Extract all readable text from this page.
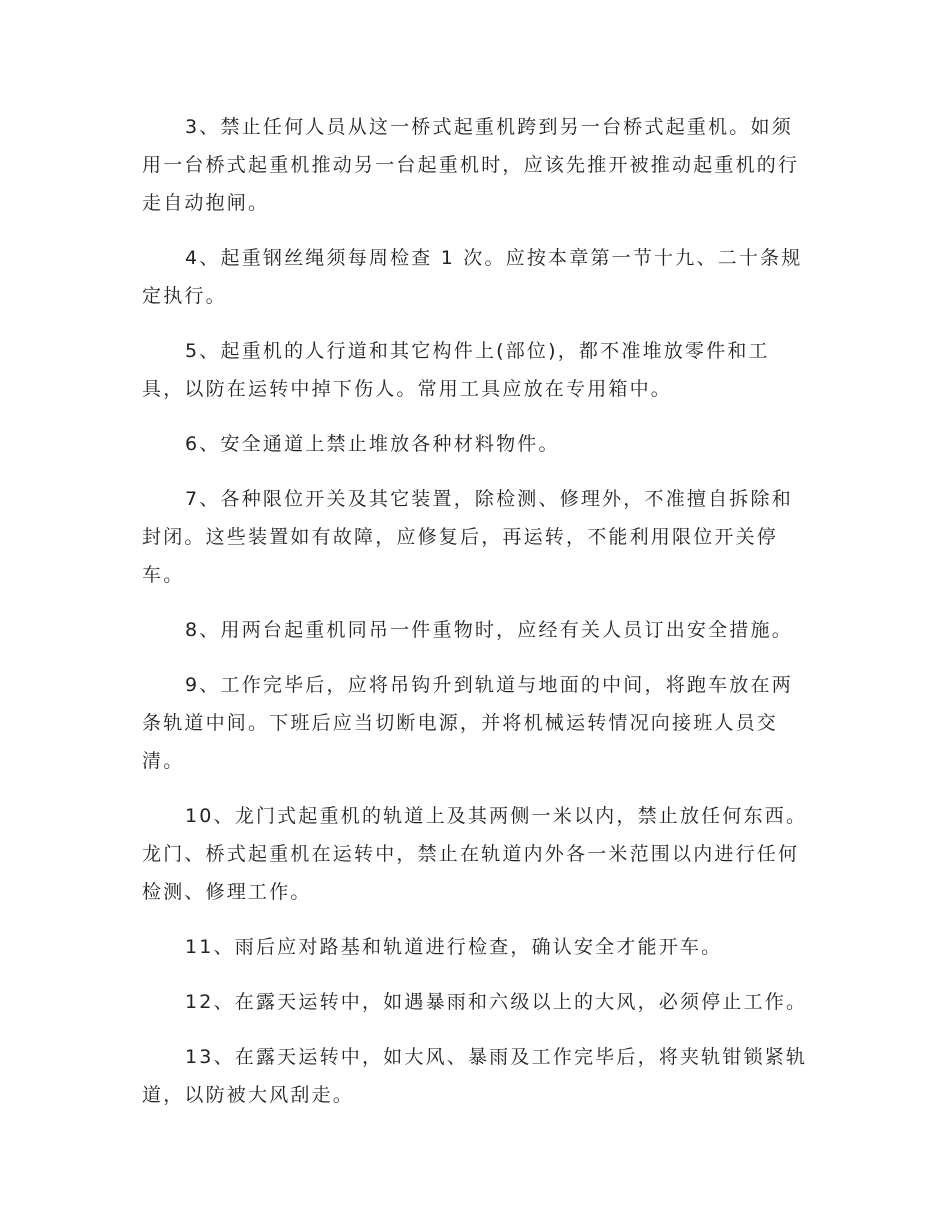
3、禁止任何人员从这一桥式起重机跨到另一台桥式起重机。如须用一台桥式起重机推动另一台起重机时，应该先推开被推动起重机的行走自动抱闸。

4、起重钢丝绳须每周检查 1 次。应按本章第一节十九、二十条规定执行。

5、起重机的人行道和其它构件上(部位)，都不准堆放零件和工具，以防在运转中掉下伤人。常用工具应放在专用箱中。

6、安全通道上禁止堆放各种材料物件。

7、各种限位开关及其它装置，除检测、修理外，不准擅自拆除和封闭。这些装置如有故障，应修复后，再运转，不能利用限位开关停车。

8、用两台起重机同吊一件重物时，应经有关人员订出安全措施。

9、工作完毕后，应将吊钩升到轨道与地面的中间，将跑车放在两条轨道中间。下班后应当切断电源，并将机械运转情况向接班人员交清。

10、龙门式起重机的轨道上及其两侧一米以内，禁止放任何东西。龙门、桥式起重机在运转中，禁止在轨道内外各一米范围以内进行任何检测、修理工作。

11、雨后应对路基和轨道进行检查，确认安全才能开车。

12、在露天运转中，如遇暴雨和六级以上的大风，必须停止工作。

13、在露天运转中，如大风、暴雨及工作完毕后，将夹轨钳锁紧轨道，以防被大风刮走。
